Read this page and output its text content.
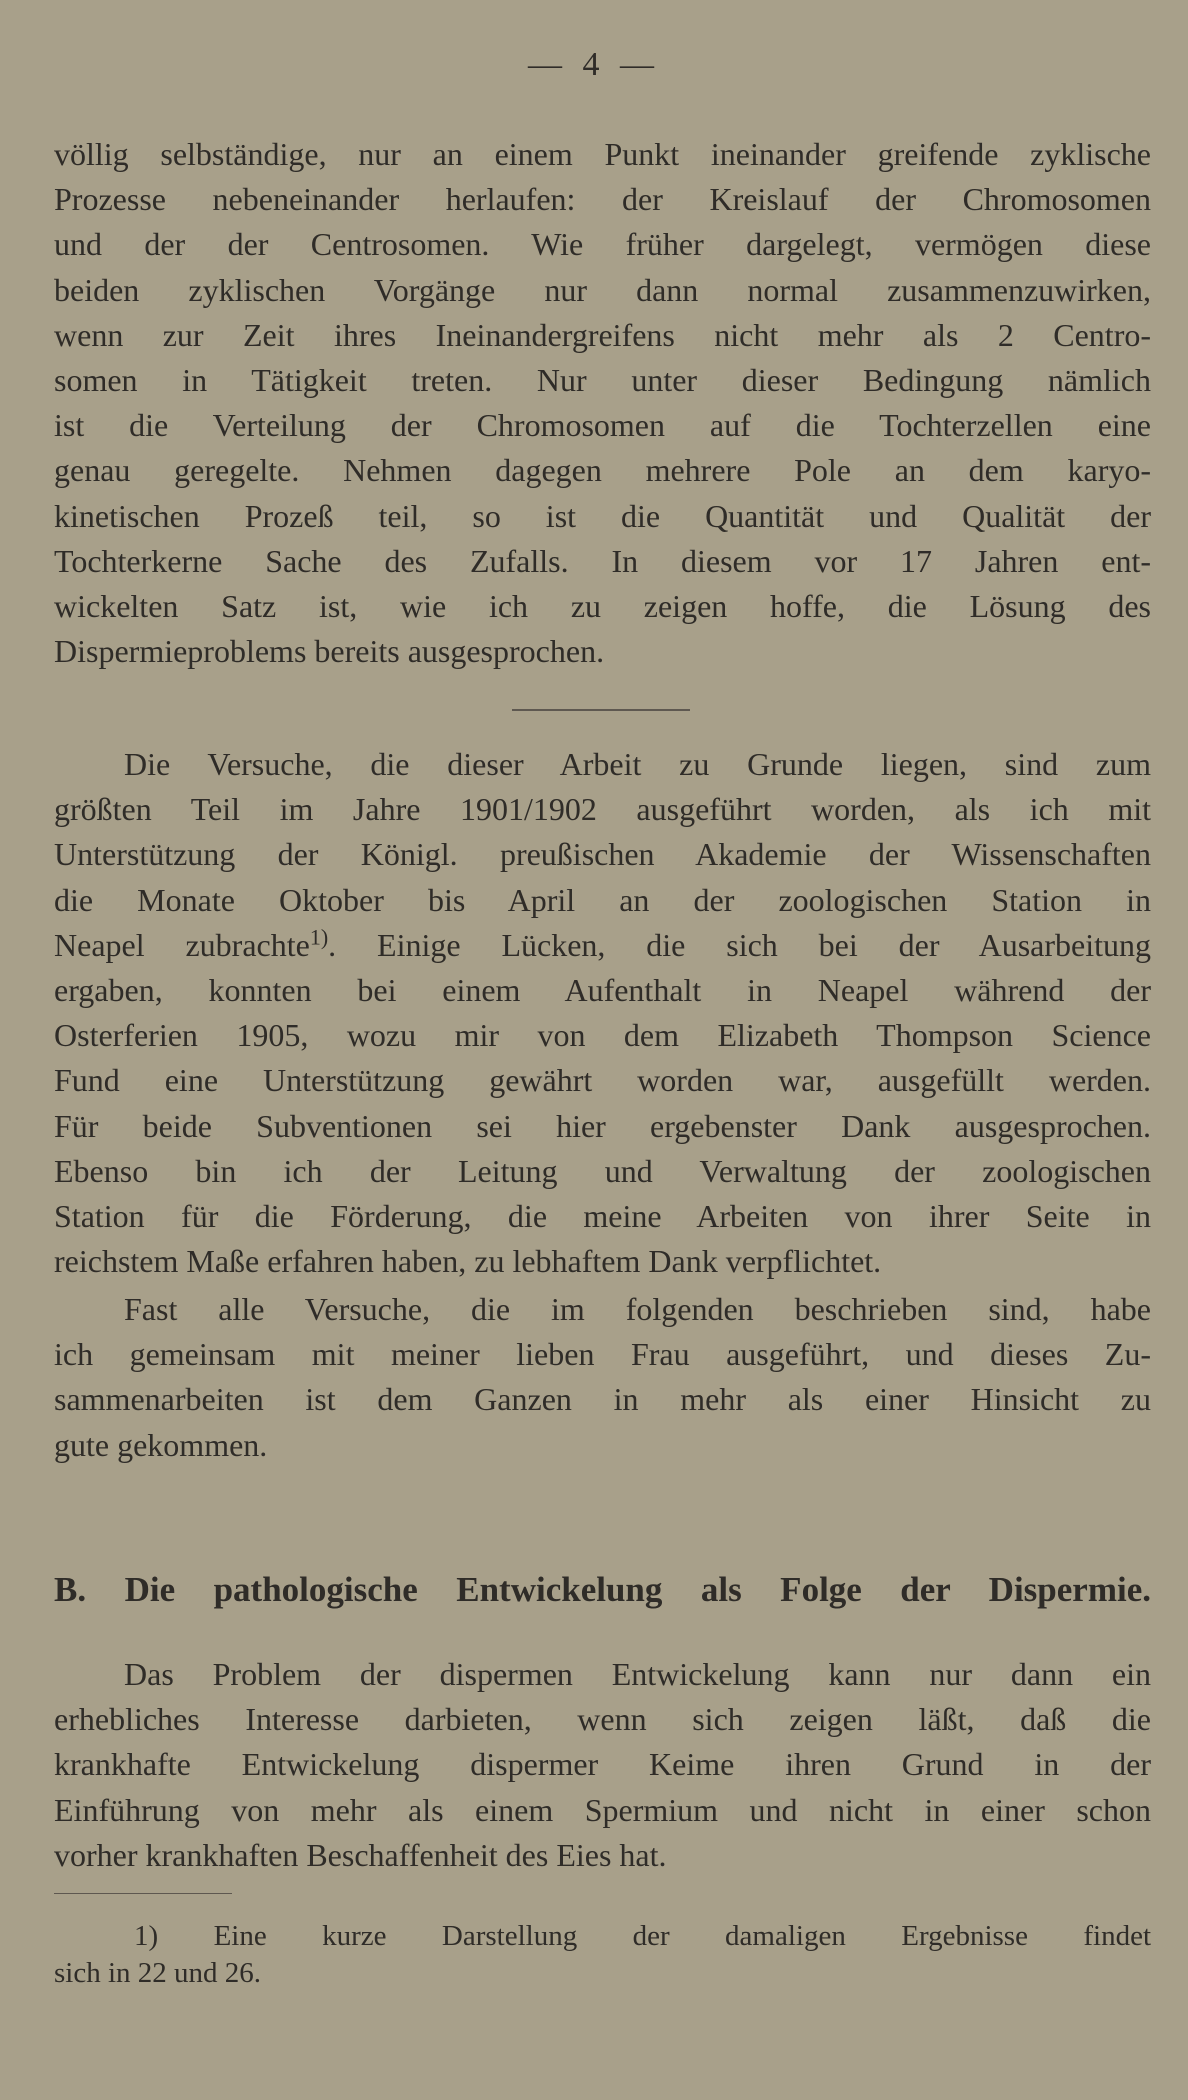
— 4 —
völlig selbständige, nur an einem Punkt ineinander greifende zyklische
Prozesse nebeneinander herlaufen: der Kreislauf der Chromosomen
und der der Centrosomen. Wie früher dargelegt, vermögen diese
beiden zyklischen Vorgänge nur dann normal zusammenzuwirken,
wenn zur Zeit ihres Ineinandergreifens nicht mehr als 2 Centro-
somen in Tätigkeit treten. Nur unter dieser Bedingung nämlich
ist die Verteilung der Chromosomen auf die Tochterzellen eine
genau geregelte. Nehmen dagegen mehrere Pole an dem karyo-
kinetischen Prozeß teil, so ist die Quantität und Qualität der
Tochterkerne Sache des Zufalls. In diesem vor 17 Jahren ent-
wickelten Satz ist, wie ich zu zeigen hoffe, die Lösung des
Dispermieproblems bereits ausgesprochen.
Die Versuche, die dieser Arbeit zu Grunde liegen, sind zum
größten Teil im Jahre 1901/1902 ausgeführt worden, als ich mit
Unterstützung der Königl. preußischen Akademie der Wissenschaften
die Monate Oktober bis April an der zoologischen Station in
Neapel zubrachte$^{1)}$. Einige Lücken, die sich bei der Ausarbeitung
ergaben, konnten bei einem Aufenthalt in Neapel während der
Osterferien 1905, wozu mir von dem Elizabeth Thompson Science
Fund eine Unterstützung gewährt worden war, ausgefüllt werden.
Für beide Subventionen sei hier ergebenster Dank ausgesprochen.
Ebenso bin ich der Leitung und Verwaltung der zoologischen
Station für die Förderung, die meine Arbeiten von ihrer Seite in
reichstem Maße erfahren haben, zu lebhaftem Dank verpflichtet.
Fast alle Versuche, die im folgenden beschrieben sind, habe
ich gemeinsam mit meiner lieben Frau ausgeführt, und dieses Zu-
sammenarbeiten ist dem Ganzen in mehr als einer Hinsicht zu
gute gekommen.
B. Die pathologische Entwickelung als Folge der Dispermie.
Das Problem der dispermen Entwickelung kann nur dann ein
erhebliches Interesse darbieten, wenn sich zeigen läßt, daß die
krankhafte Entwickelung dispermer Keime ihren Grund in der
Einführung von mehr als einem Spermium und nicht in einer schon
vorher krankhaften Beschaffenheit des Eies hat.
1) Eine kurze Darstellung der damaligen Ergebnisse findet
sich in 22 und 26.
